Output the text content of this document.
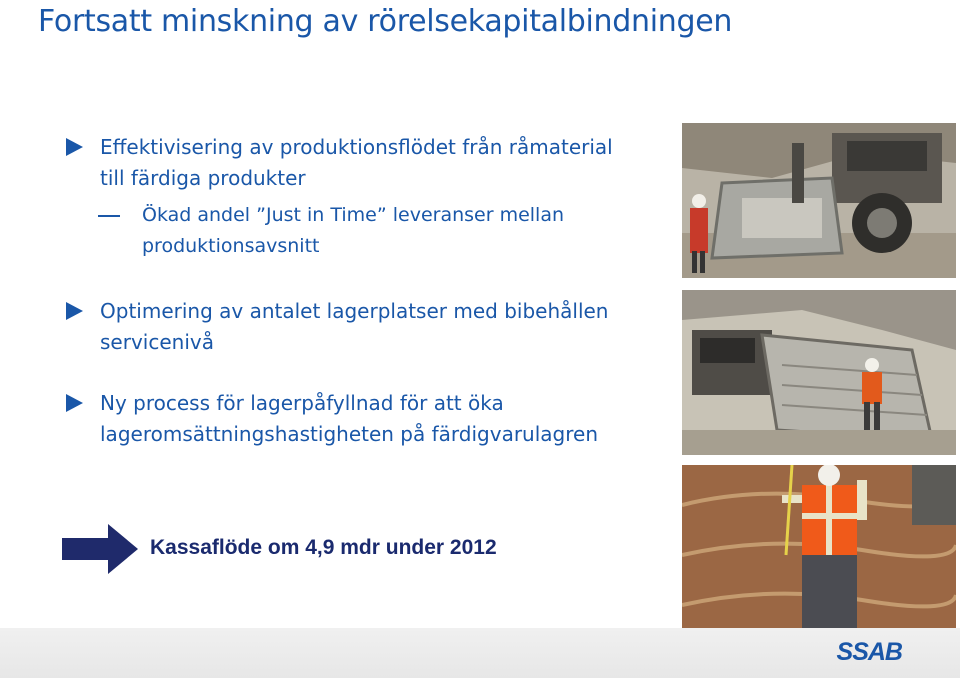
Fortsatt minskning av rörelsekapitalbindningen
Effektivisering av produktionsflödet från råmaterial
till färdiga produkter
Ökad andel ”Just in Time” leveranser mellan
produktionsavsnitt
Optimering av antalet lagerplatser med bibehållen
servicenivå
Ny process för lagerpåfyllnad för att öka
lageromsättningshastigheten på färdigvarulagren
Kassaflöde om 4,9 mdr under 2012
SSAB
